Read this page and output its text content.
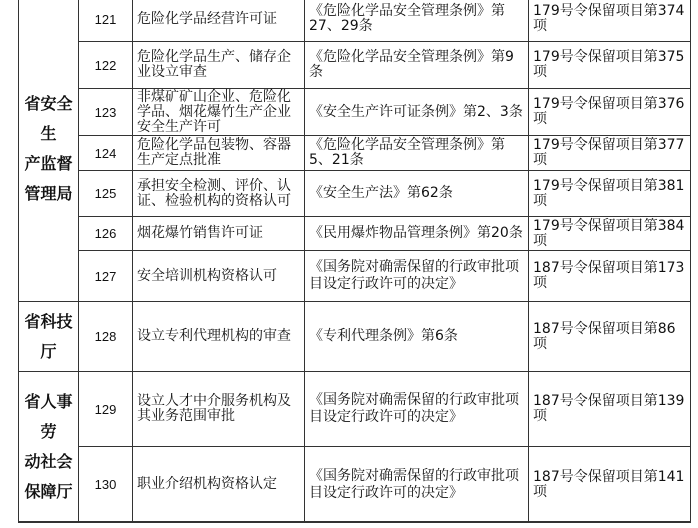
省安全生
产监督
管理局	121	危险化学品经营许可证	《危险化学品安全管理条例》第27、29条	179号令保留项目第374项
	122	危险化学品生产、储存企业设立审查	《危险化学品安全管理条例》第9条	179号令保留项目第375项
	123	非煤矿矿山企业、危险化学品、烟花爆竹生产企业安全生产许可	《安全生产许可证条例》第2、3条	179号令保留项目第376项
	124	危险化学品包装物、容器生产定点批准	《危险化学品安全管理条例》第5、21条	179号令保留项目第377项
	125	承担安全检测、评价、认证、检验机构的资格认可	《安全生产法》第62条	179号令保留项目第381项
	126	烟花爆竹销售许可证	《民用爆炸物品管理条例》第20条	179号令保留项目第384项
	127	安全培训机构资格认可	《国务院对确需保留的行政审批项目设定行政许可的决定》	187号令保留项目第173项

省科技
厅	128	设立专利代理机构的审查	《专利代理条例》第6条	187号令保留项目第86项

省人事
劳
动社会
保障厅	129	设立人才中介服务机构及其业务范围审批	《国务院对确需保留的行政审批项目设定行政许可的决定》	187号令保留项目第139项
	130	职业介绍机构资格认定	《国务院对确需保留的行政审批项目设定行政许可的决定》	187号令保留项目第141项
